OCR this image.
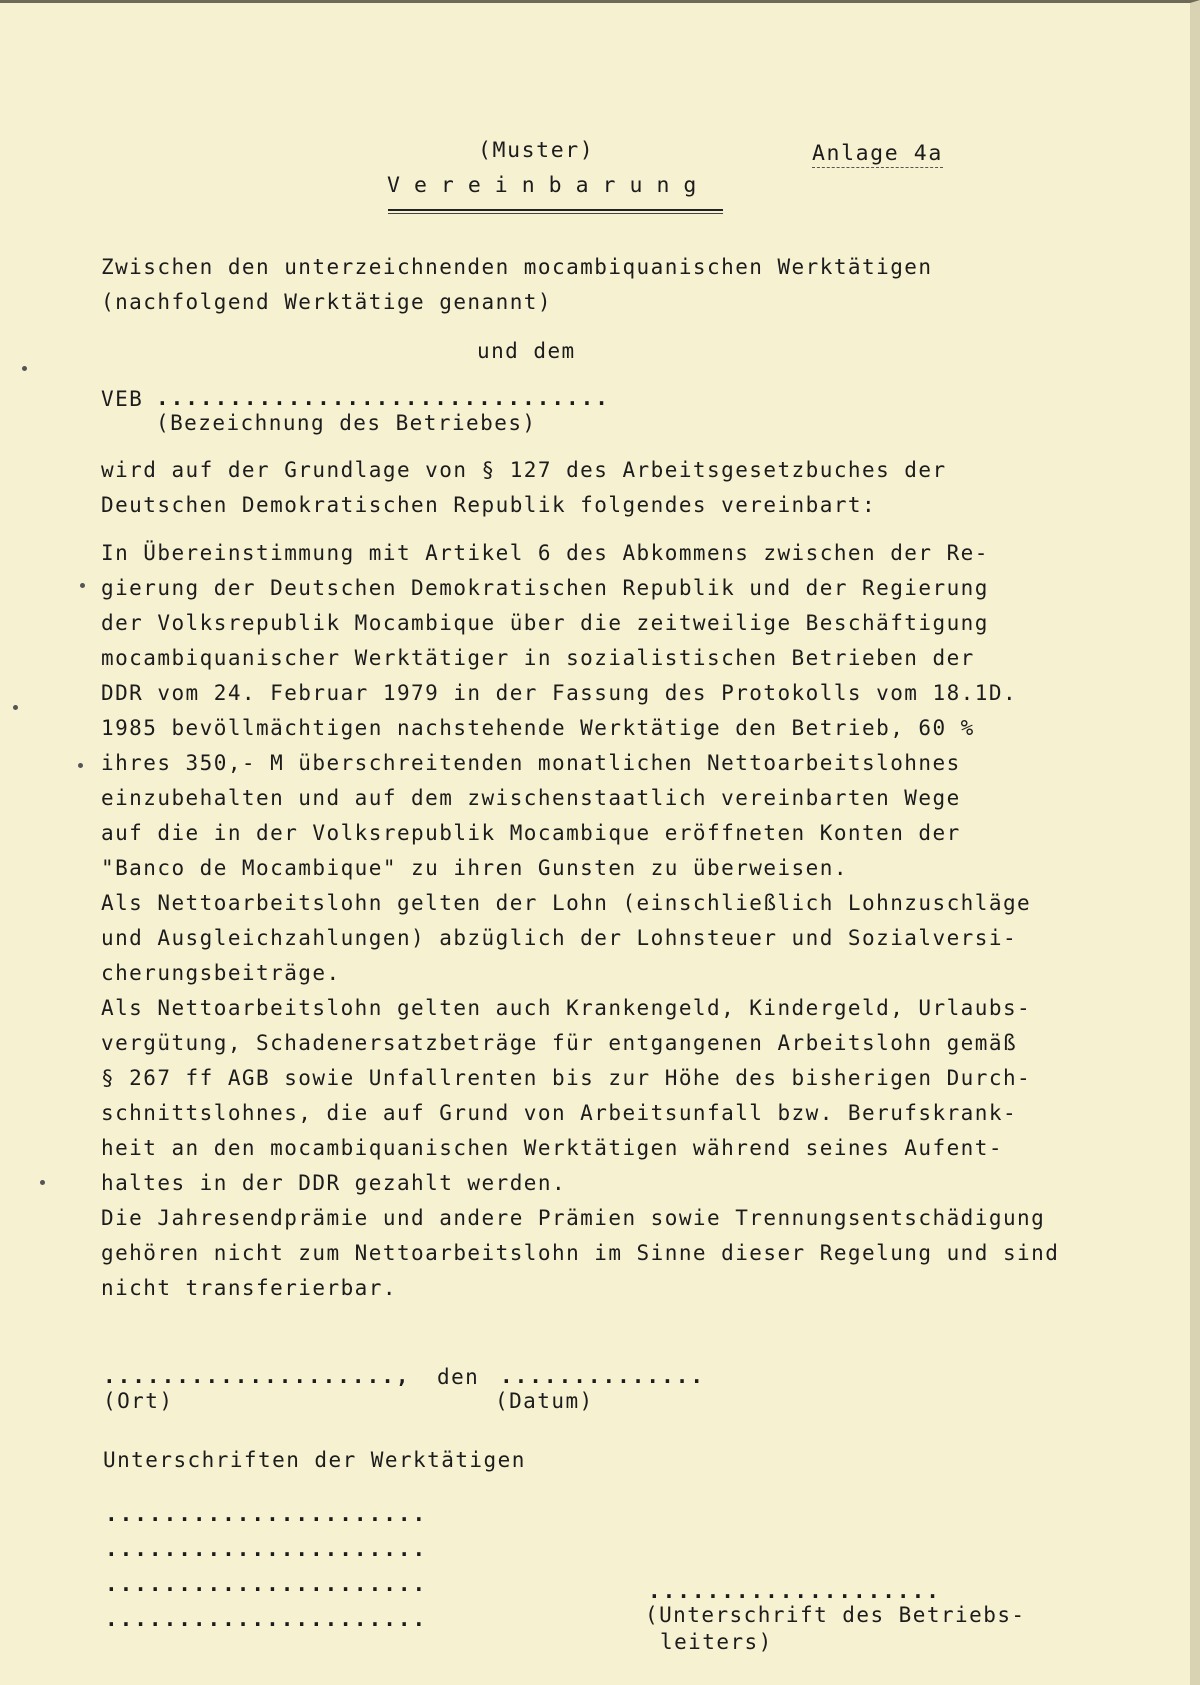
(Muster)	Anlage 4a
Vereinbarung
Zwischen den unterzeichnenden mocambiquanischen Werktätigen
(nachfolgend Werktätige genannt)
und dem
VEB ...............................
(Bezeichnung des Betriebes)
wird auf der Grundlage von § 127 des Arbeitsgesetzbuches der
Deutschen Demokratischen Republik folgendes vereinbart:
In Übereinstimmung mit Artikel 6 des Abkommens zwischen der Re-
gierung der Deutschen Demokratischen Republik und der Regierung
der Volksrepublik Mocambique über die zeitweilige Beschäftigung
mocambiquanischer Werktätiger in sozialistischen Betrieben der
DDR vom 24. Februar 1979 in der Fassung des Protokolls vom 18.1D.
1985 bevöllmächtigen nachstehende Werktätige den Betrieb, 60 %
ihres 350,- M überschreitenden monatlichen Nettoarbeitslohnes
einzubehalten und auf dem zwischenstaatlich vereinbarten Wege
auf die in der Volksrepublik Mocambique eröffneten Konten der
"Banco de Mocambique" zu ihren Gunsten zu überweisen.
Als Nettoarbeitslohn gelten der Lohn (einschließlich Lohnzuschläge
und Ausgleichzahlungen) abzüglich der Lohnsteuer und Sozialversi-
cherungsbeiträge.
Als Nettoarbeitslohn gelten auch Krankengeld, Kindergeld, Urlaubs-
vergütung, Schadenersatzbeträge für entgangenen Arbeitslohn gemäß
§ 267 ff AGB sowie Unfallrenten bis zur Höhe des bisherigen Durch-
schnittslohnes, die auf Grund von Arbeitsunfall bzw. Berufskrank-
heit an den mocambiquanischen Werktätigen während seines Aufent-
haltes in der DDR gezahlt werden.
Die Jahresendprämie und andere Prämien sowie Trennungsentschädigung
gehören nicht zum Nettoarbeitslohn im Sinne dieser Regelung und sind
nicht transferierbar.
...................., den ..............
(Ort)	(Datum)
Unterschriften der Werktätigen
......................
......................
......................
......................
....................
(Unterschrift des Betriebs-
leiters)
